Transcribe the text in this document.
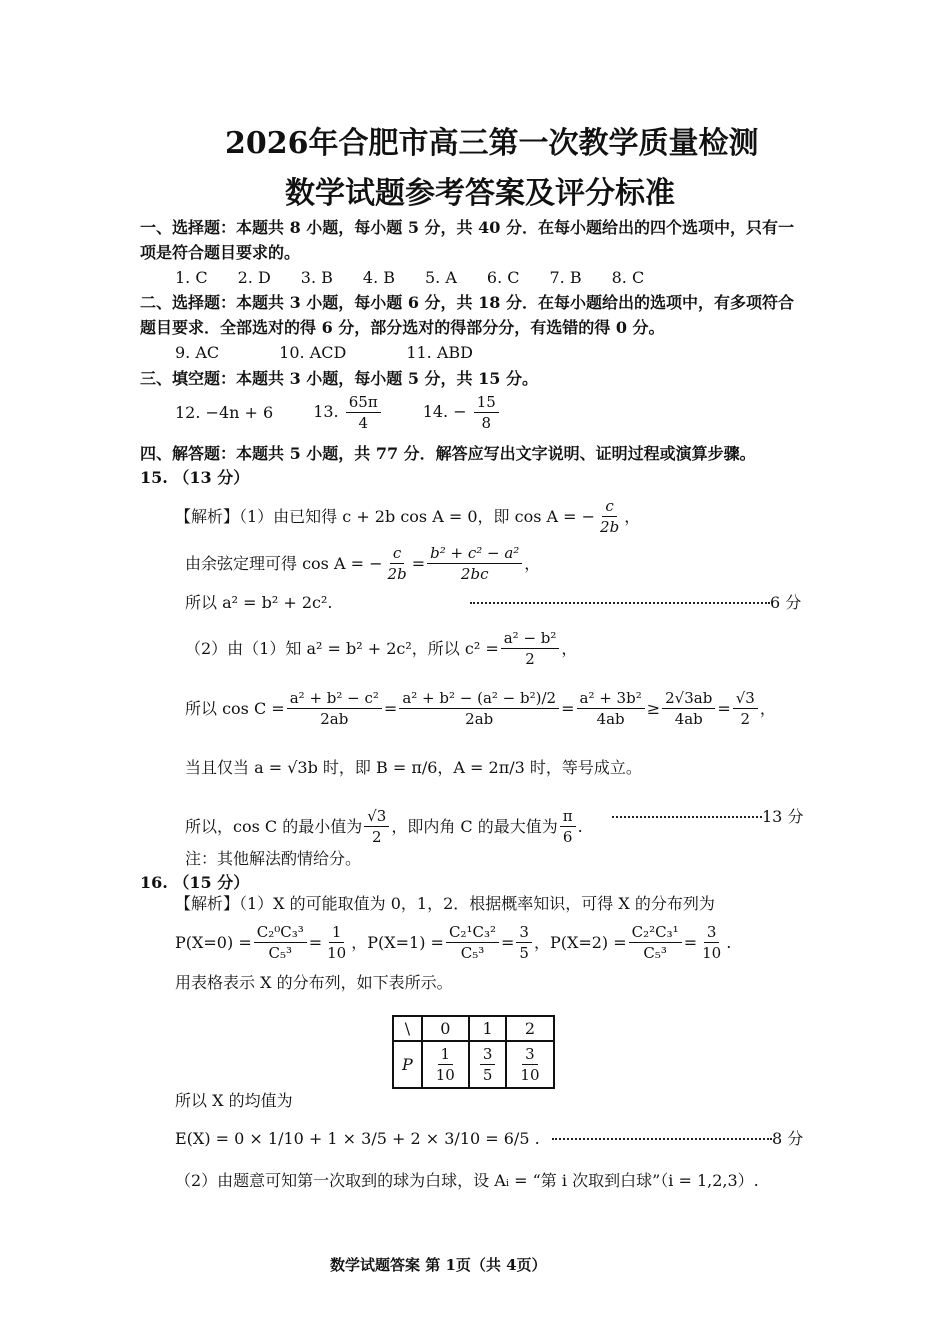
2026年合肥市高三第一次教学质量检测
数学试题参考答案及评分标准
一、选择题：本题共 8 小题，每小题 5 分，共 40 分．在每小题给出的四个选项中，只有一
项是符合题目要求的。
1. C 2. D 3. B 4. B 5. A 6. C 7. B 8. C
二、选择题：本题共 3 小题，每小题 6 分，共 18 分．在每小题给出的选项中，有多项符合
题目要求．全部选对的得 6 分，部分选对的得部分分，有选错的得 0 分。
9. AC	10. ACD	11. ABD
三、填空题：本题共 3 小题，每小题 5 分，共 15 分。
12. −4n + 6	13. $\frac{65\pi}{4}$	14. − $\frac{15}{8}$
四、解答题：本题共 5 小题，共 77 分．解答应写出文字说明、证明过程或演算步骤。
15. （13 分）
【解析】（1）由已知得 c + 2b cos A = 0，即 cos A = − $\frac{c}{2b}$ ，
由余弦定理可得 cos A = − $\frac{c}{2b} = \frac{\text{b² + c² − a²}}{2bc}$ ，
所以 a² = b² + 2c².	6 分
（2）由（1）知 a² = b² + 2c²，所以 $c^2 = \frac{\text{a² − b²}}{2}$ ，
所以 $\cos C = \frac{\text{a² + b² − c²}}{2ab} = \frac{\text{a² + b² − (a² − b²)/2}}{2ab} = \frac{\text{a² + 3b²}}{4ab} \ge \frac{2√3ab}{4ab} = \frac{√3}{2}$ ，
当且仅当 a = √3b 时，即 B = π/6，A = 2π/3 时，等号成立。
所以，cos C 的最小值为 $\frac{√3}{2}$ ，即内角 C 的最大值为 $\frac{\pi}{6}$ .	13 分
注：其他解法酌情给分。
16. （15 分）
【解析】（1）X 的可能取值为 0，1，2．根据概率知识，可得 X 的分布列为
$P(X=0) = \frac{\text{C₂⁰C₃³}}{\text{C₅³}} = \frac{1}{10}$ ，$P(X=1) = \frac{\text{C₂¹C₃²}}{\text{C₅³}} = \frac{3}{5}$ ，$P(X=2) = \frac{\text{C₂²C₃¹}}{\text{C₅³}} = \frac{3}{10}$ .
用表格表示 X 的分布列，如下表所示。
\	0	1	2
P	$\frac{1}{10}$	$\frac{3}{5}$	$\frac{3}{10}$
所以 X 的均值为
E(X) = 0 × 1/10 + 1 × 3/5 + 2 × 3/10 = 6/5 .	8 分
（2）由题意可知第一次取到的球为白球，设 Aᵢ = “第 i 次取到白球”（i = 1,2,3）.
数学试题答案 第 1页（共 4页）
